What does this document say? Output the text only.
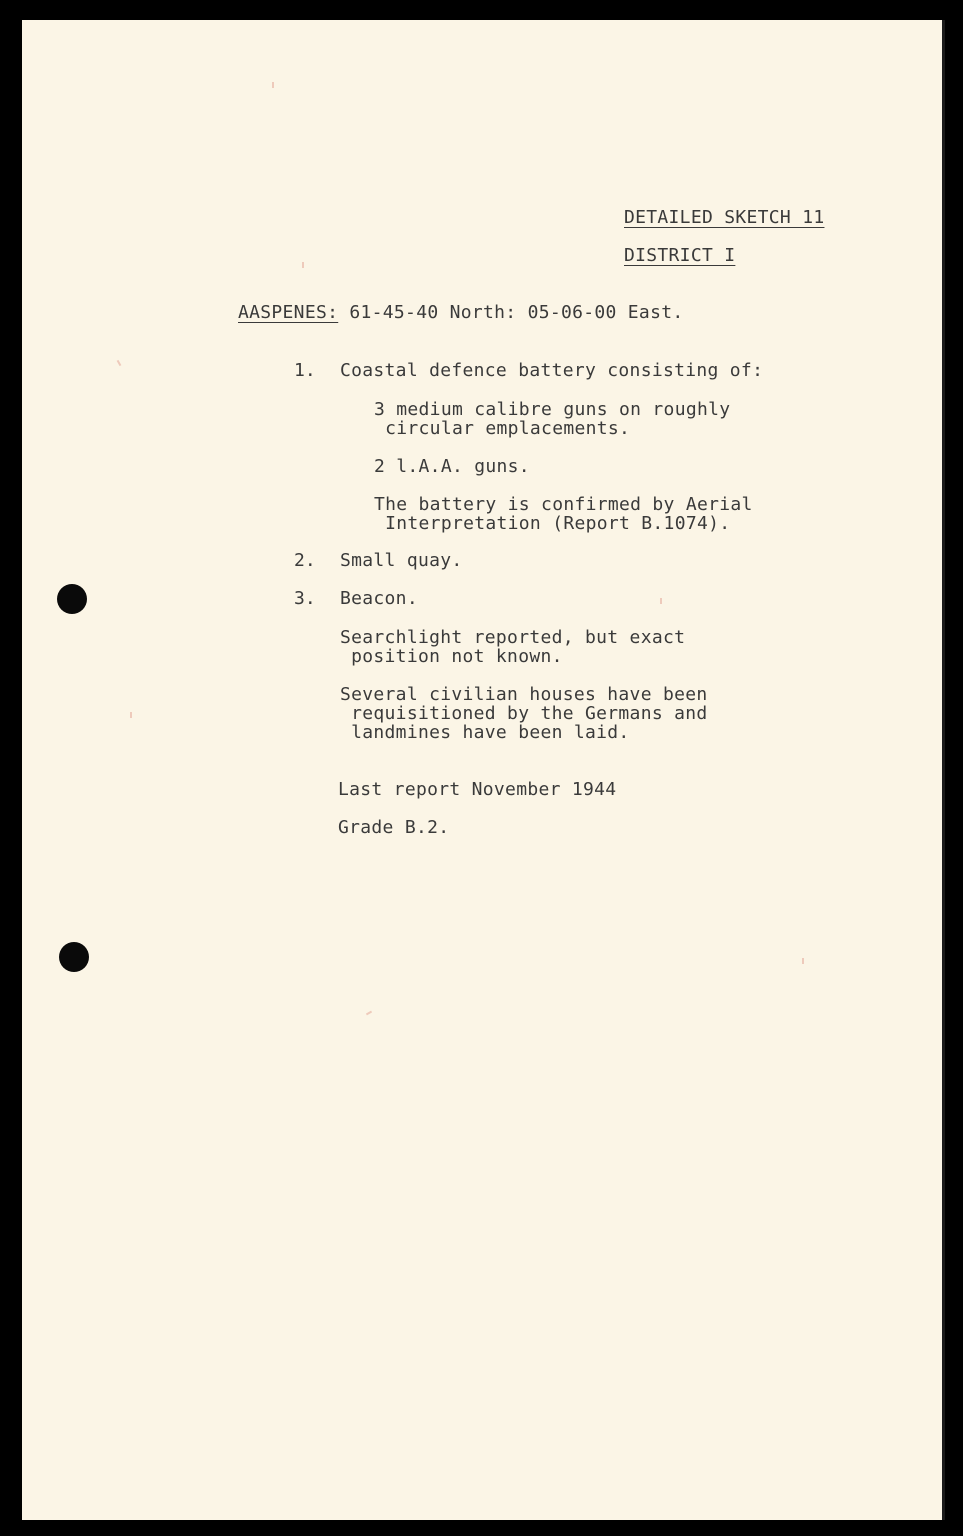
DETAILED SKETCH 11
DISTRICT I
AASPENES: 61-45-40 North: 05-06-00 East.
1. Coastal defence battery consisting of:
3 medium calibre guns on roughly
circular emplacements.
2 l.A.A. guns.
The battery is confirmed by Aerial
Interpretation (Report B.1074).
2. Small quay.
3. Beacon.
Searchlight reported, but exact
position not known.
Several civilian houses have been
requisitioned by the Germans and
landmines have been laid.
Last report November 1944
Grade B.2.
